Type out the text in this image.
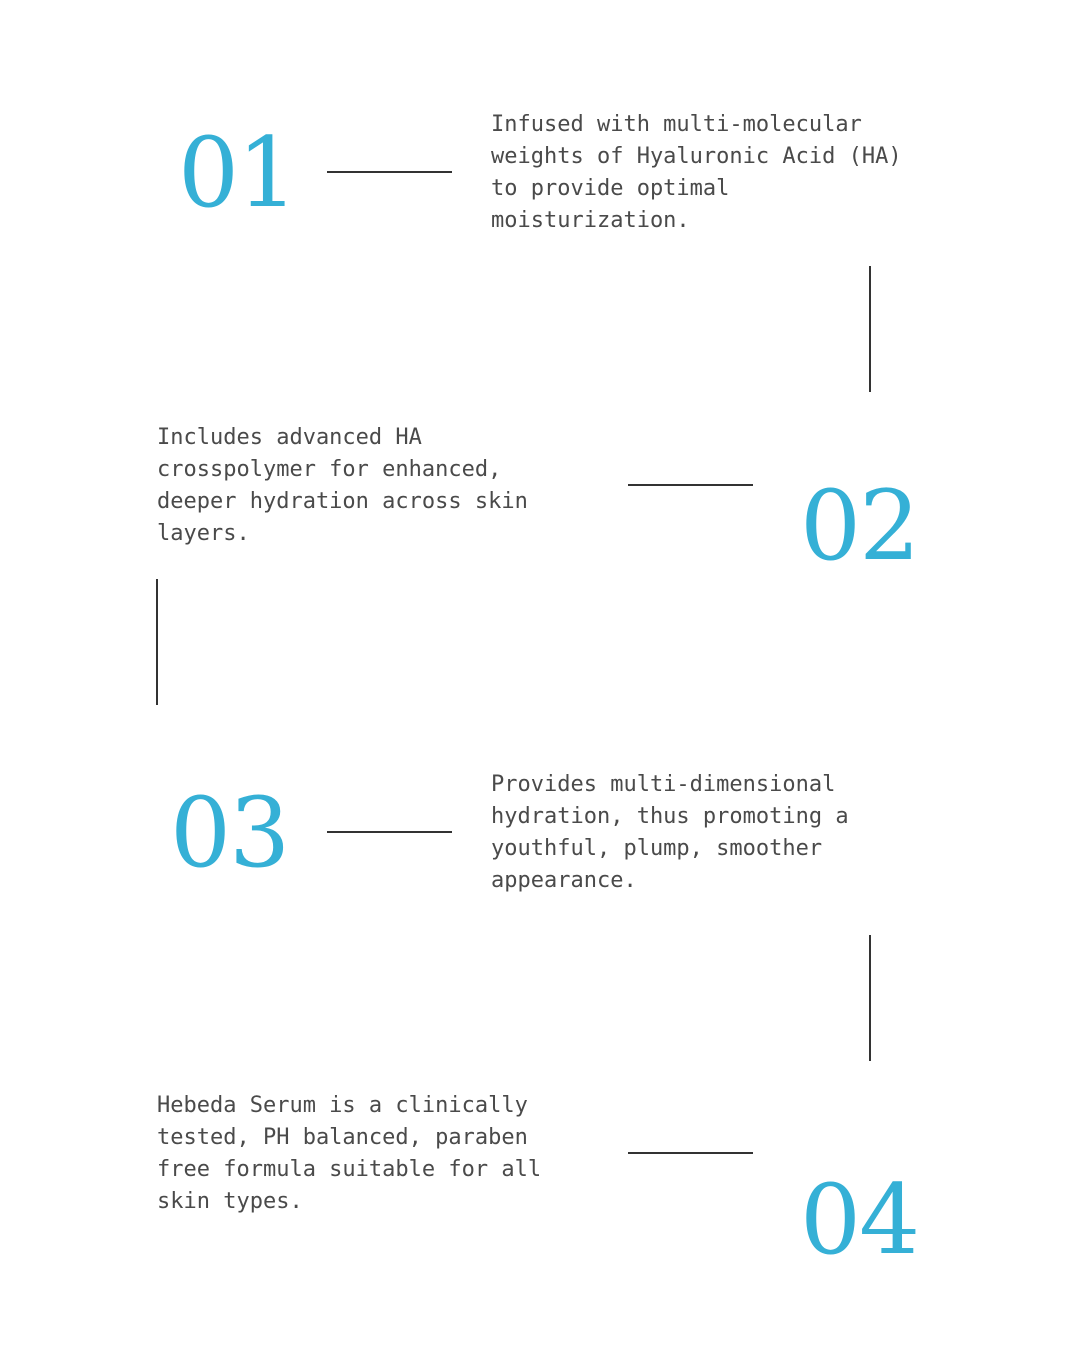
01	Infused with multi-molecular weights of Hyaluronic Acid (HA) to provide optimal moisturization.

Includes advanced HA crosspolymer for enhanced, deeper hydration across skin layers.	02
03	Provides multi-dimensional hydration, thus promoting a youthful, plump, smoother appearance.

Hebeda Serum is a clinically tested, PH balanced, paraben free formula suitable for all skin types.	04
